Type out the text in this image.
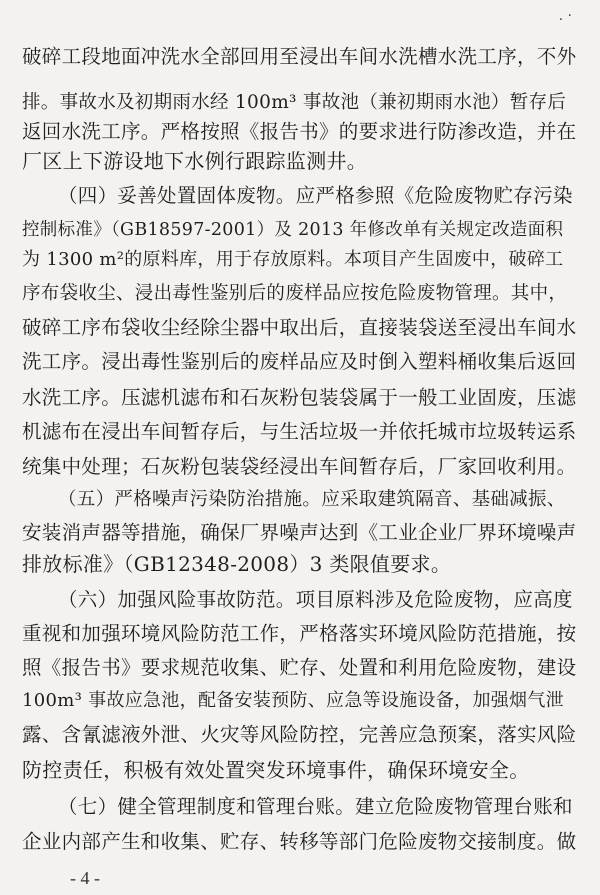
. ·
破碎工段地面冲洗水全部回用至浸出车间水洗槽水洗工序，不外
排。事故水及初期雨水经 100m³ 事故池（兼初期雨水池）暂存后
返回水洗工序。严格按照《报告书》的要求进行防渗改造，并在
厂区上下游设地下水例行跟踪监测井。
（四）妥善处置固体废物。应严格参照《危险废物贮存污染
控制标准》（GB18597-2001）及 2013 年修改单有关规定改造面积
为 1300 m²的原料库，用于存放原料。本项目产生固废中，破碎工
序布袋收尘、浸出毒性鉴别后的废样品应按危险废物管理。其中，
破碎工序布袋收尘经除尘器中取出后，直接装袋送至浸出车间水
洗工序。浸出毒性鉴别后的废样品应及时倒入塑料桶收集后返回
水洗工序。压滤机滤布和石灰粉包装袋属于一般工业固废，压滤
机滤布在浸出车间暂存后，与生活垃圾一并依托城市垃圾转运系
统集中处理；石灰粉包装袋经浸出车间暂存后，厂家回收利用。
（五）严格噪声污染防治措施。应采取建筑隔音、基础减振、
安装消声器等措施，确保厂界噪声达到《工业企业厂界环境噪声
排放标准》（GB12348-2008）3 类限值要求。
（六）加强风险事故防范。项目原料涉及危险废物，应高度
重视和加强环境风险防范工作，严格落实环境风险防范措施，按
照《报告书》要求规范收集、贮存、处置和利用危险废物，建设
100m³ 事故应急池，配备安装预防、应急等设施设备，加强烟气泄
露、含氰滤液外泄、火灾等风险防控，完善应急预案，落实风险
防控责任，积极有效处置突发环境事件，确保环境安全。
（七）健全管理制度和管理台账。建立危险废物管理台账和
企业内部产生和收集、贮存、转移等部门危险废物交接制度。做
- 4 -
